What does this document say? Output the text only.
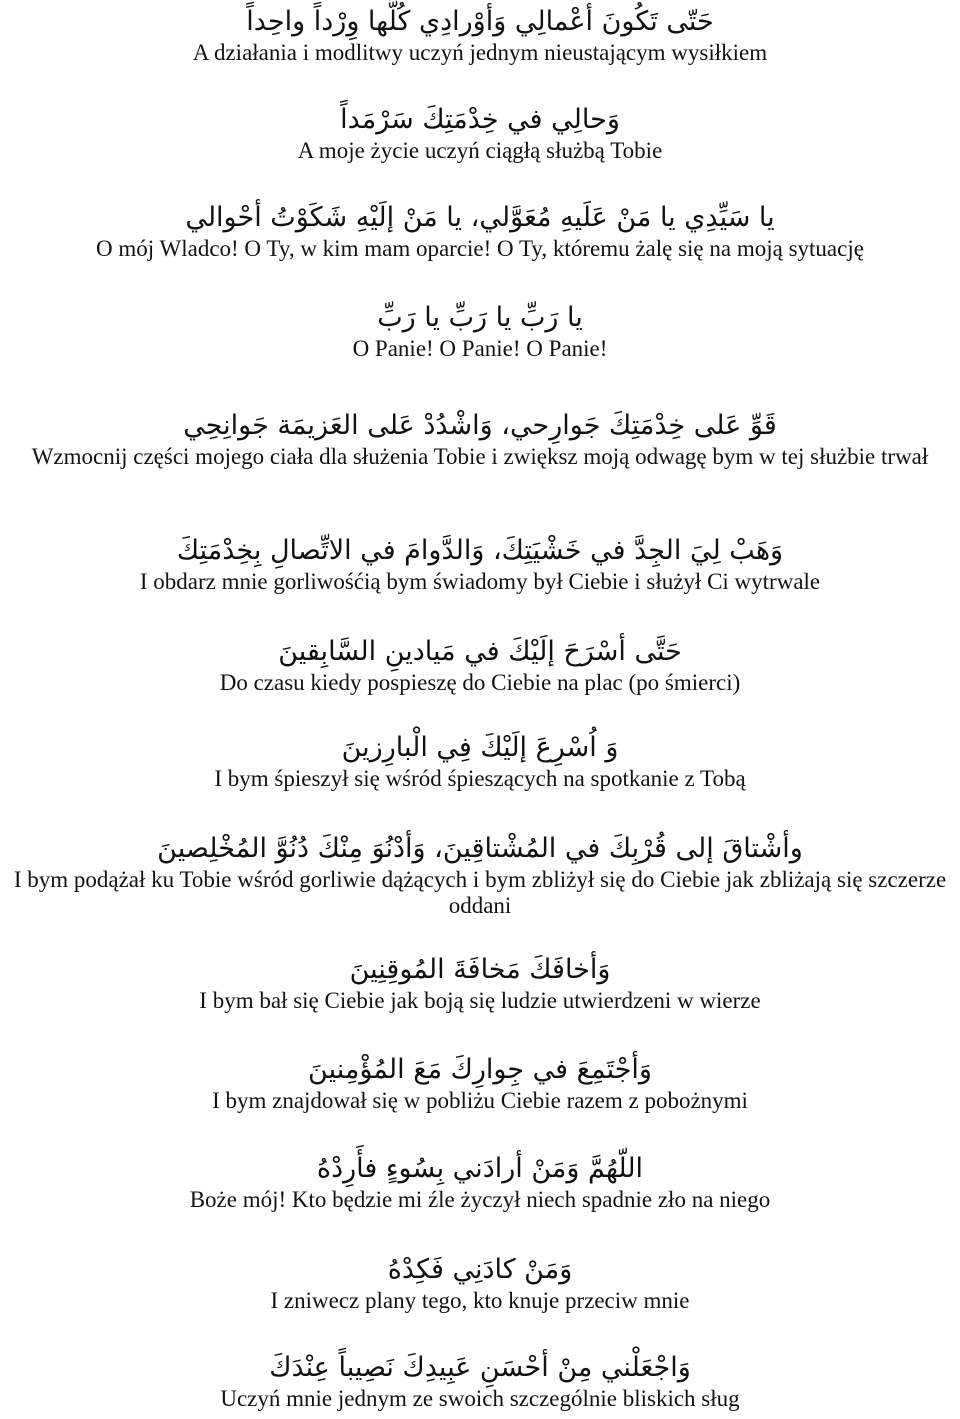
حَتّى تَكُونَ أعْمالِي وَأوْرادِي كُلُّها وِرْداً واحِداً
A działania i modlitwy uczyń jednym nieustającym wysiłkiem
وَحالِي في خِدْمَتِكَ سَرْمَداً
A moje życie uczyń ciągłą służbą Tobie
يا سَيِّدِي يا مَنْ عَلَيهِ مُعَوَّلي، يا مَنْ إلَيْهِ شَكَوْتُ أحْوالي
O mój Wladco! O Ty, w kim mam oparcie! O Ty, któremu żalę się na moją sytuację
يا رَبِّ يا رَبِّ يا رَبِّ
O Panie! O Panie! O Panie!
قَوِّ عَلى خِدْمَتِكَ جَوارِحي، وَاشْدُدْ عَلى العَزيمَة جَوانِحِي
Wzmocnij części mojego ciała dla służenia Tobie i zwiększ moją odwagę bym w tej służbie trwał
وَهَبْ لِيَ الجِدَّ في خَشْيَتِكَ، وَالدَّوامَ في الاتِّصالِ بِخِدْمَتِكَ
I obdarz mnie gorliwośćią bym świadomy był Ciebie i służył Ci wytrwale
حَتَّى أسْرَحَ إلَيْكَ في مَيادينِ السَّابِقينَ
Do czasu kiedy pospieszę do Ciebie na plac (po śmierci)
وَ اُسْرِعَ إلَيْكَ فِي الْبارِزينَ
I bym śpieszył się wśród śpieszących na spotkanie z Tobą
وأشْتاقَ إلى قُرْبِكَ في المُشْتاقِينَ، وَأدْنُوَ مِنْكَ دُنُوَّ المُخْلِصينَ
I bym podążał ku Tobie wśród gorliwie dążących i bym zbliżył się do Ciebie jak zbliżają się szczerze oddani
وَأخافَكَ مَخافَةَ المُوقِنِينَ
I bym bał się Ciebie jak boją się ludzie utwierdzeni w wierze
وَأجْتَمِعَ في جِوارِكَ مَعَ المُؤْمِنينَ
I bym znajdował się w pobliżu Ciebie razem z pobożnymi
اللّهُمَّ وَمَنْ أرادَني بِسُوءٍ فأَرِدْهُ
Boże mój! Kto będzie mi źle życzył niech spadnie zło na niego
وَمَنْ كادَنِي فَكِدْهُ
I zniwecz plany tego, kto knuje przeciw mnie
وَاجْعَلْني مِنْ أحْسَنِ عَبِيدِكَ نَصِيباً عِنْدَكَ
Uczyń mnie jednym ze swoich szczególnie bliskich sług
